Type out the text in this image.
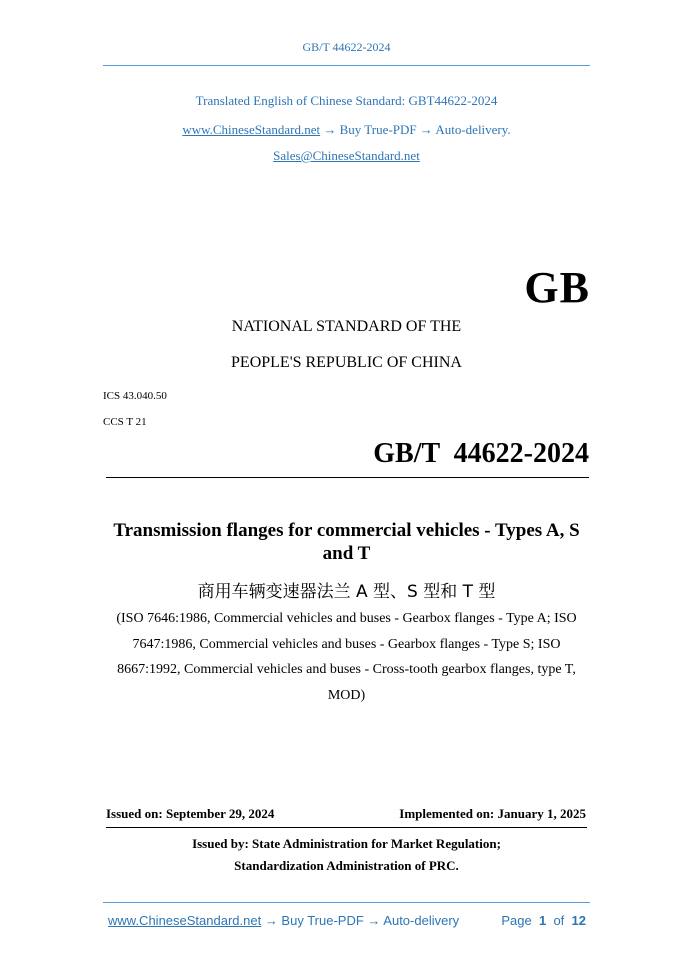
GB/T 44622-2024
Translated English of Chinese Standard: GBT44622-2024
www.ChineseStandard.net → Buy True-PDF → Auto-delivery.
Sales@ChineseStandard.net
GB
NATIONAL STANDARD OF THE
PEOPLE'S REPUBLIC OF CHINA
ICS 43.040.50
CCS T 21
GB/T  44622-2024
Transmission flanges for commercial vehicles - Types A, S and T
商用车辆变速器法兰 A 型、S 型和 T 型
(ISO 7646:1986, Commercial vehicles and buses - Gearbox flanges - Type A; ISO 7647:1986, Commercial vehicles and buses - Gearbox flanges - Type S; ISO 8667:1992, Commercial vehicles and buses - Cross-tooth gearbox flanges, type T, MOD)
Issued on: September 29, 2024	Implemented on: January 1, 2025
Issued by: State Administration for Market Regulation;
Standardization Administration of PRC.
www.ChineseStandard.net → Buy True-PDF → Auto-delivery	Page 1 of 12
